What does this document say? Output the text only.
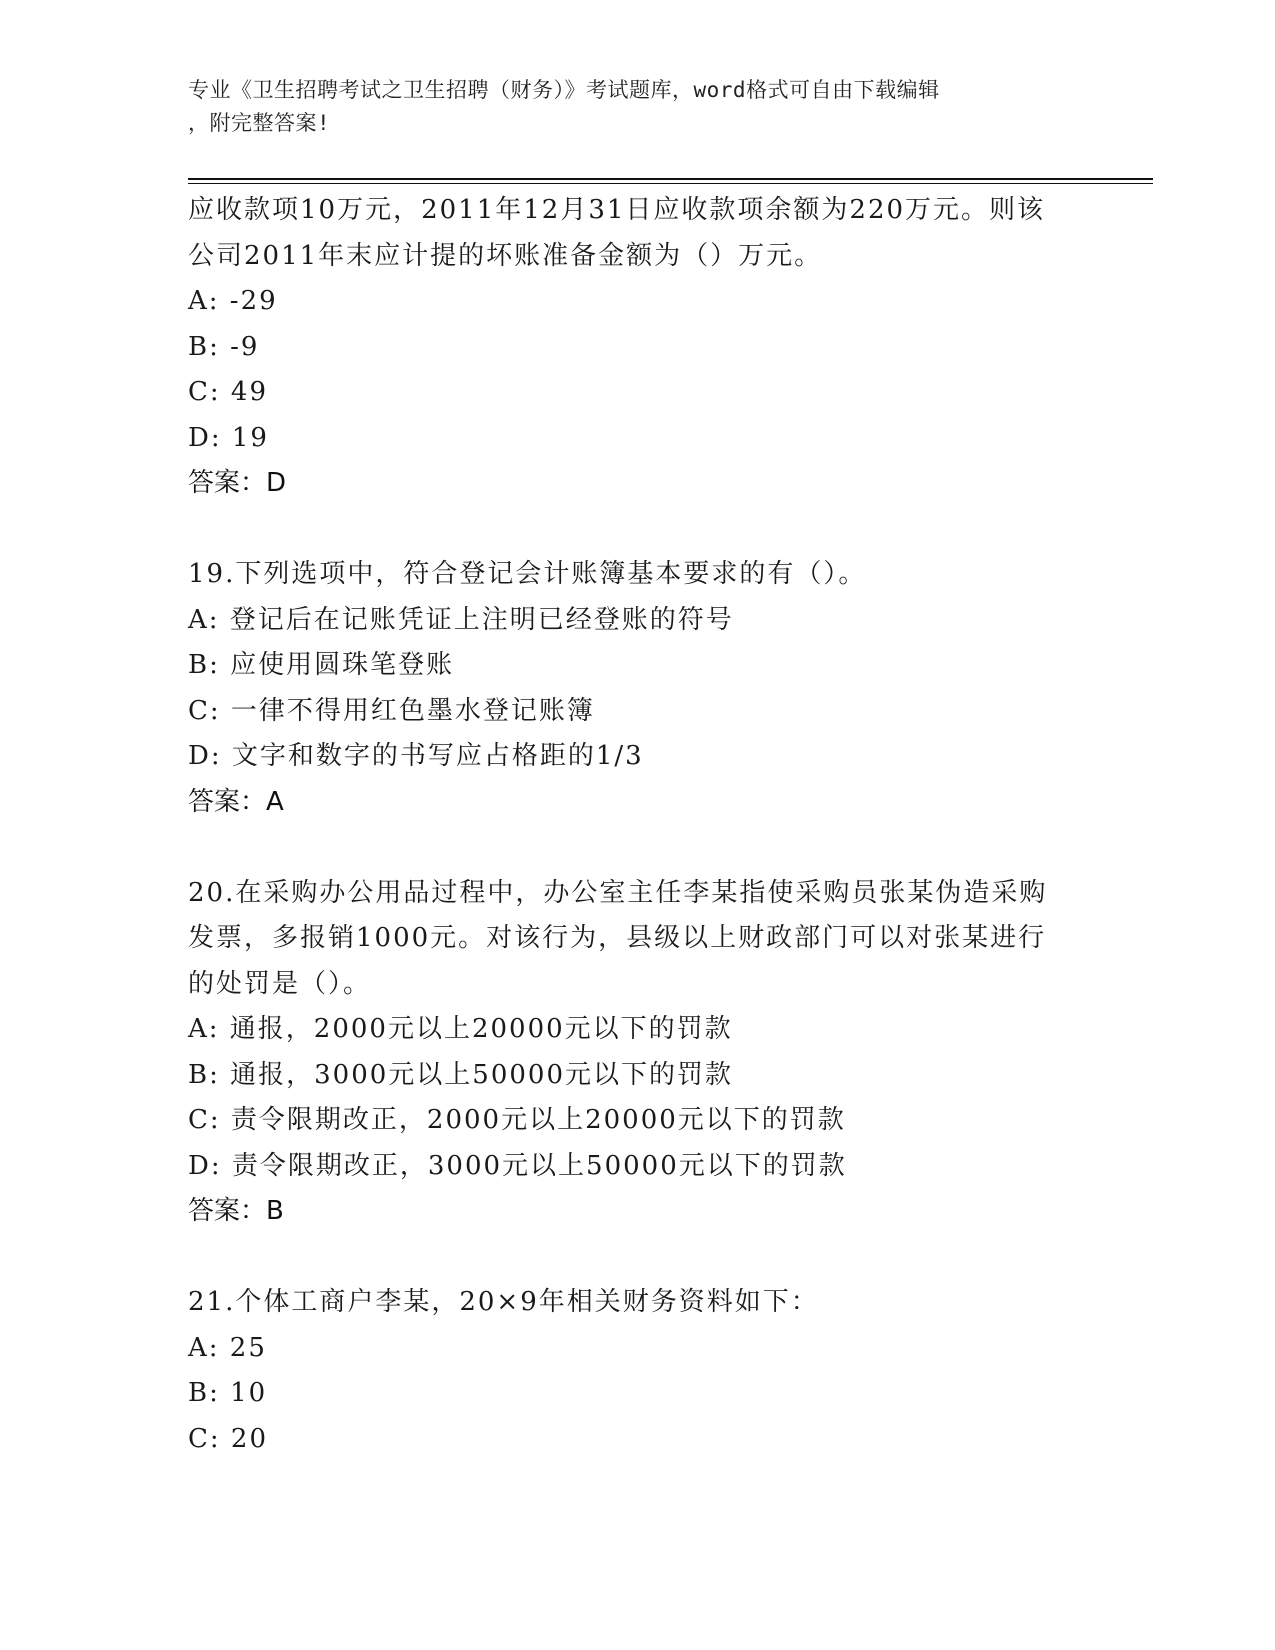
专业《卫生招聘考试之卫生招聘（财务）》考试题库，word格式可自由下载编辑
，附完整答案!
应收款项10万元，2011年12月31日应收款项余额为220万元。则该
公司2011年末应计提的坏账准备金额为（）万元。
A: -29
B: -9
C: 49
D: 19
答案：D
19.下列选项中，符合登记会计账簿基本要求的有（）。
A: 登记后在记账凭证上注明已经登账的符号
B: 应使用圆珠笔登账
C: 一律不得用红色墨水登记账簿
D: 文字和数字的书写应占格距的1/3
答案：A
20.在采购办公用品过程中，办公室主任李某指使采购员张某伪造采购
发票，多报销1000元。对该行为，县级以上财政部门可以对张某进行
的处罚是（）。
A: 通报，2000元以上20000元以下的罚款
B: 通报，3000元以上50000元以下的罚款
C: 责令限期改正，2000元以上20000元以下的罚款
D: 责令限期改正，3000元以上50000元以下的罚款
答案：B
21.个体工商户李某，20×9年相关财务资料如下：
A: 25
B: 10
C: 20
